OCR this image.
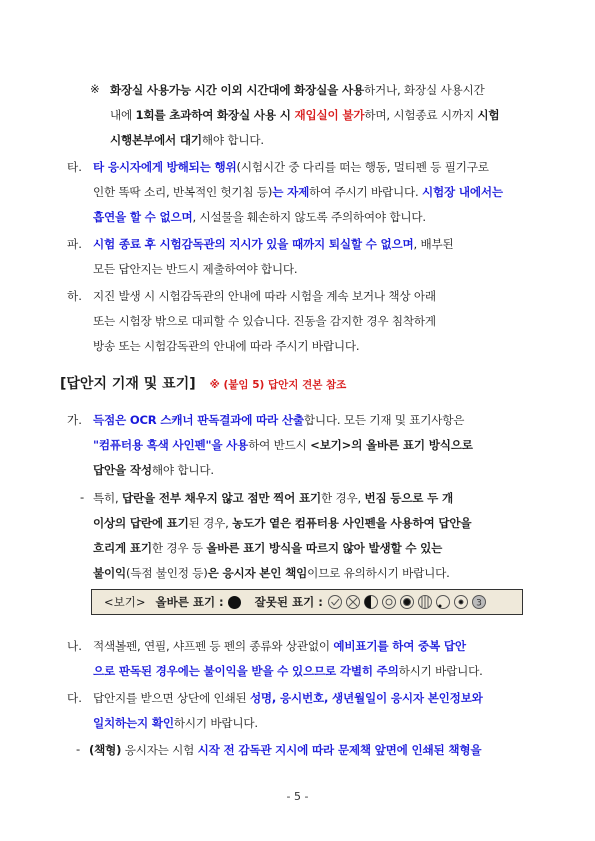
화장실 사용가능 시간 이외 시간대에 화장실을 사용하거나, 화장실 사용시간
내에 1회를 초과하여 화장실 사용 시 재입실이 불가하며, 시험종료 시까지 시험
시행본부에서 대기해야 합니다.
타 응시자에게 방해되는 행위(시험시간 중 다리를 떠는 행동, 멀티펜 등 필기구로
인한 똑딱 소리, 반복적인 헛기침 등)는 자제하여 주시기 바랍니다. 시험장 내에서는
흡연을 할 수 없으며, 시설물을 훼손하지 않도록 주의하여야 합니다.
시험 종료 후 시험감독관의 지시가 있을 때까지 퇴실할 수 없으며, 배부된
모든 답안지는 반드시 제출하여야 합니다.
지진 발생 시 시험감독관의 안내에 따라 시험을 계속 보거나 책상 아래
또는 시험장 밖으로 대피할 수 있습니다. 진동을 감지한 경우 침착하게
방송 또는 시험감독관의 안내에 따라 주시기 바랍니다.
득점은 OCR 스캐너 판독결과에 따라 산출합니다. 모든 기재 및 표기사항은
"컴퓨터용 흑색 사인펜"을 사용하여 반드시 <보기>의 올바른 표기 방식으로
답안을 작성해야 합니다.
특히, 답란을 전부 채우지 않고 점만 찍어 표기한 경우, 번짐 등으로 두 개
이상의 답란에 표기된 경우, 농도가 옅은 컴퓨터용 사인펜을 사용하여 답안을
흐리게 표기한 경우 등 올바른 표기 방식을 따르지 않아 발생할 수 있는
불이익(득점 불인정 등)은 응시자 본인 책임이므로 유의하시기 바랍니다.
적색볼펜, 연필, 샤프펜 등 펜의 종류와 상관없이 예비표기를 하여 중복 답안
으로 판독된 경우에는 불이익을 받을 수 있으므로 각별히 주의하시기 바랍니다.
답안지를 받으면 상단에 인쇄된 성명, 응시번호, 생년월일이 응시자 본인정보와
일치하는지 확인하시기 바랍니다.
(책형) 응시자는 시험 시작 전 감독관 지시에 따라 문제책 앞면에 인쇄된 책형을
※
타.
파.
하.
가.
-
나.
다.
-
[답안지 기재 및 표기] ※ (붙임 5) 답안지 견본 참조
<보기> 올바른 표기 :	잘못된 표기 :	3
- 5 -
